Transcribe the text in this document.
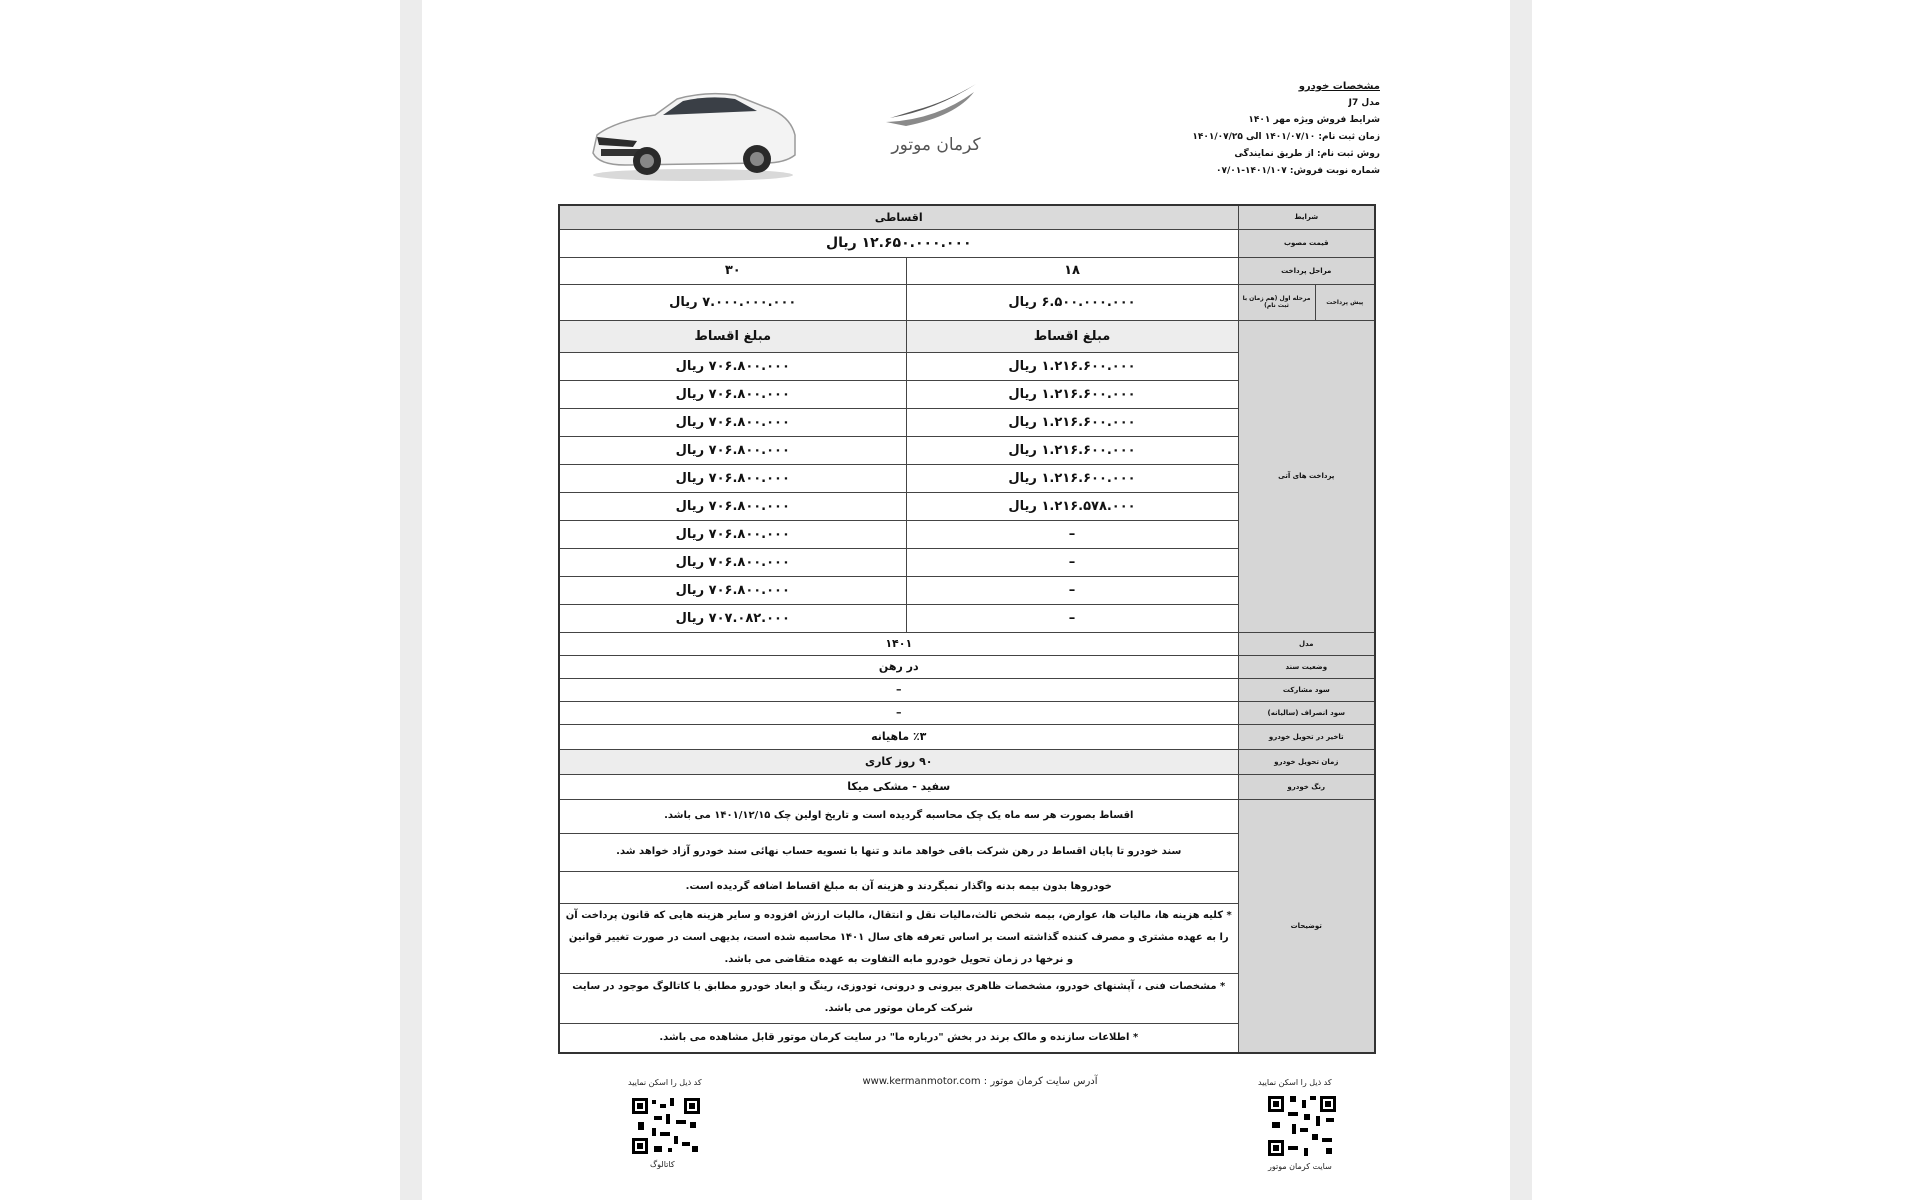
کرمان موتور
مشخصات خودرو
مدل J7
شرایط فروش ویژه مهر ۱۴۰۱
زمان ثبت نام: ۱۴۰۱/۰۷/۱۰ الی ۱۴۰۱/۰۷/۲۵
روش ثبت نام: از طریق نمایندگی
شماره نوبت فروش: ۱۴۰۱/۱۰۷-۰۷/۰۱
شرایط		اقساطی	
قیمت مصوب		۱۲.۶۵۰.۰۰۰.۰۰۰ ریال	
مراحل پرداخت		۱۸	۳۰
پیش پرداخت	مرحله اول (هم زمان با ثبت نام)	۶.۵۰۰.۰۰۰.۰۰۰ ریال	۷.۰۰۰.۰۰۰.۰۰۰ ریال
پرداخت های آتی		مبلغ اقساط	مبلغ اقساط
		۱.۲۱۶.۶۰۰.۰۰۰ ریال	۷۰۶.۸۰۰.۰۰۰ ریال
		۱.۲۱۶.۶۰۰.۰۰۰ ریال	۷۰۶.۸۰۰.۰۰۰ ریال
		۱.۲۱۶.۶۰۰.۰۰۰ ریال	۷۰۶.۸۰۰.۰۰۰ ریال
		۱.۲۱۶.۶۰۰.۰۰۰ ریال	۷۰۶.۸۰۰.۰۰۰ ریال
		۱.۲۱۶.۶۰۰.۰۰۰ ریال	۷۰۶.۸۰۰.۰۰۰ ریال
		۱.۲۱۶.۵۷۸.۰۰۰ ریال	۷۰۶.۸۰۰.۰۰۰ ریال
		–	۷۰۶.۸۰۰.۰۰۰ ریال
		–	۷۰۶.۸۰۰.۰۰۰ ریال
		–	۷۰۶.۸۰۰.۰۰۰ ریال
		–	۷۰۷.۰۸۲.۰۰۰ ریال
مدل		۱۴۰۱	
وضعیت سند		در رهن	
سود مشارکت		–	
سود انصراف (سالیانه)		–	
تاخیر در تحویل خودرو		٪۳ ماهیانه	
زمان تحویل خودرو		۹۰ روز کاری	
رنگ خودرو		سفید - مشکی میکا	
توضیحات		اقساط بصورت هر سه ماه یک چک محاسبه گردیده است و تاریخ اولین چک ۱۴۰۱/۱۲/۱۵ می باشد.	
		سند خودرو تا پایان اقساط در رهن شرکت باقی خواهد ماند و تنها با تسویه حساب نهائی سند خودرو آزاد خواهد شد.	
		خودروها بدون بیمه بدنه واگذار نمیگردند و هزینه آن به مبلغ اقساط اضافه گردیده است.	
		* کلیه هزینه ها، مالیات ها، عوارض، بیمه شخص ثالث،مالیات نقل و انتقال، مالیات ارزش افزوده و سایر هزینه هایی که قانون پرداخت آن را به عهده مشتری و مصرف کننده گذاشته است بر اساس تعرفه های سال ۱۴۰۱ محاسبه شده است، بدیهی است در صورت تغییر قوانین و نرخها در زمان تحویل خودرو مابه التفاوت به عهده متقاضی می باشد.	
		* مشخصات فنی ، آپشنهای خودرو، مشخصات ظاهری بیرونی و درونی، تودوزی، رینگ و ابعاد خودرو مطابق با کاتالوگ موجود در سایت شرکت کرمان موتور می باشد.	
		* اطلاعات سازنده و مالک برند در بخش "درباره ما" در سایت کرمان موتور قابل مشاهده می باشد.	
آدرس سایت کرمان موتور : www.kermanmotor.com
کد ذیل را اسکن نمایید
کاتالوگ
کد ذیل را اسکن نمایید
سایت کرمان موتور
